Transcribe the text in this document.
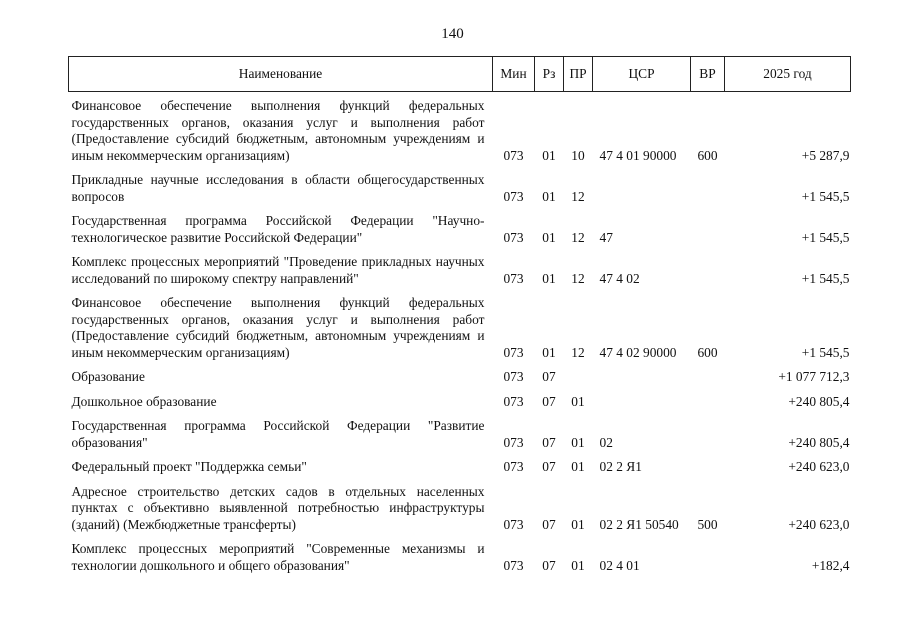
140
Наименование	Мин	Рз	ПР	ЦСР	ВР	2025 год
Финансовое обеспечение выполнения функций федеральных государственных органов, оказания услуг и выполнения работ (Предоставление субсидий бюджетным, автономным учреждениям и иным некоммерческим организациям)	073	01	10	47 4 01 90000	600	+5 287,9
Прикладные научные исследования в области общегосударственных вопросов	073	01	12			+1 545,5
Государственная программа Российской Федерации "Научно-технологическое развитие Российской Федерации"	073	01	12	47		+1 545,5
Комплекс процессных мероприятий "Проведение прикладных научных исследований по широкому спектру направлений"	073	01	12	47 4 02		+1 545,5
Финансовое обеспечение выполнения функций федеральных государственных органов, оказания услуг и выполнения работ (Предоставление субсидий бюджетным, автономным учреждениям и иным некоммерческим организациям)	073	01	12	47 4 02 90000	600	+1 545,5
Образование	073	07				+1 077 712,3
Дошкольное образование	073	07	01			+240 805,4
Государственная программа Российской Федерации "Развитие образования"	073	07	01	02		+240 805,4
Федеральный проект "Поддержка семьи"	073	07	01	02 2 Я1		+240 623,0
Адресное строительство детских садов в отдельных населенных пунктах с объективно выявленной потребностью инфраструктуры (зданий) (Межбюджетные трансферты)	073	07	01	02 2 Я1 50540	500	+240 623,0
Комплекс процессных мероприятий "Современные механизмы и технологии дошкольного и общего образования"	073	07	01	02 4 01		+182,4
